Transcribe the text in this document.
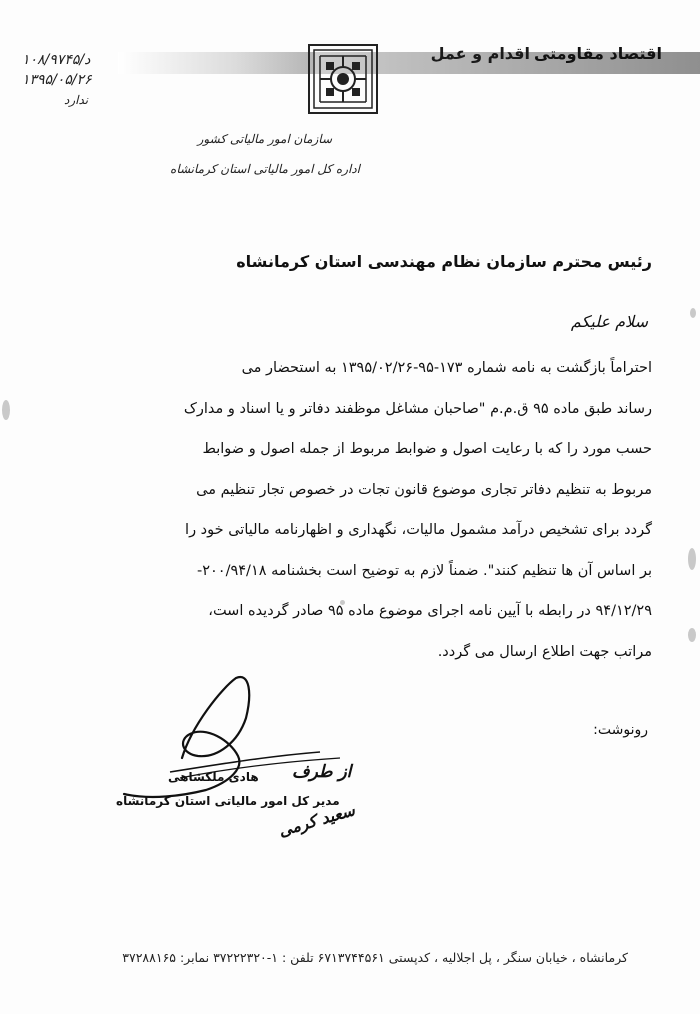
اقتصاد مقاومتی
اقدام و عمل
د/۱۰۸/۹۷۴۵
۱۳۹۵/۰۵/۲۶
ندارد
سازمان امور مالیاتی کشور
اداره کل امور مالیاتی استان کرمانشاه
رئیس محترم سازمان نظام مهندسی استان کرمانشاه
سلام علیکم

احتراماً بازگشت به نامه شماره ۱۷۳-۹۵-۱۳۹۵/۰۲/۲۶ به استحضار می

رساند طبق ماده ۹۵ ق.م.م "صاحبان مشاغل موظفند دفاتر و یا اسناد و مدارک

حسب مورد را که با رعایت اصول و ضوابط مربوط از جمله اصول و ضوابط

مربوط به تنظیم دفاتر تجاری موضوع قانون تجات در خصوص تجار تنظیم می

گردد برای تشخیص درآمد مشمول مالیات، نگهداری و اظهارنامه مالیاتی خود را

بر اساس آن ها تنظیم کنند". ضمناً لازم به توضیح است بخشنامه ۲۰۰/۹۴/۱۸-

۹۴/۱۲/۲۹ در رابطه با آیین نامه اجرای موضوع ماده ۹۵ صادر گردیده است،

مراتب جهت اطلاع ارسال می گردد.

رونوشت:
از طرف
سعید کرمی
هادی ملکشاهی
مدیر کل امور مالیاتی استان کرمانشاه
کرمانشاه ، خیابان سنگر ، پل اجلالیه ، کدپستی ۶۷۱۳۷۴۴۵۶۱ تلفن : ۱-۳۷۲۲۲۳۲۰ نمابر: ۳۷۲۸۸۱۶۵
